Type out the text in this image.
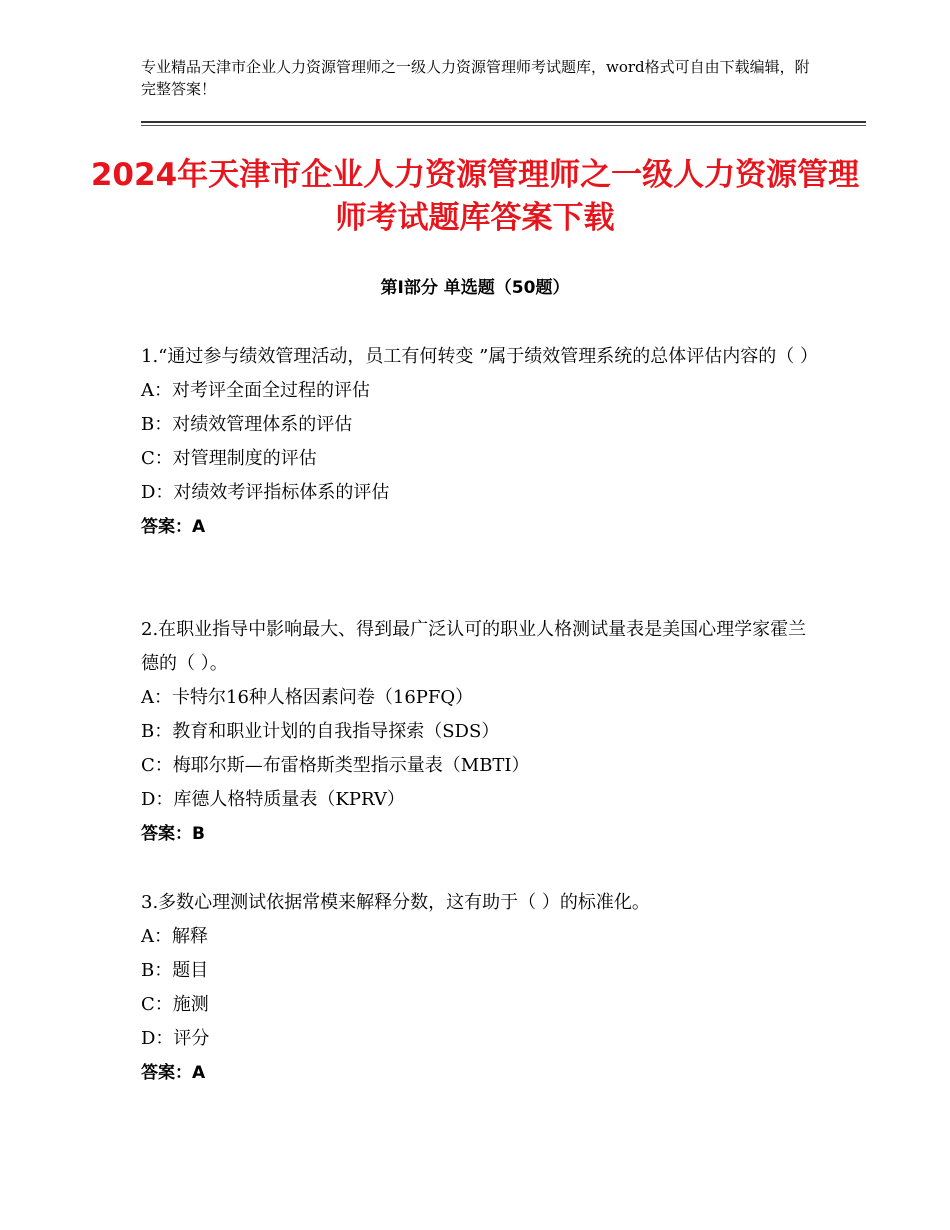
专业精品天津市企业人力资源管理师之一级人力资源管理师考试题库，word格式可自由下载编辑，附完整答案！
2024年天津市企业人力资源管理师之一级人力资源管理师考试题库答案下载
第Ⅰ部分 单选题（50题）
1.“通过参与绩效管理活动，员工有何转变 ”属于绩效管理系统的总体评估内容的（ ）
A：对考评全面全过程的评估
B：对绩效管理体系的评估
C：对管理制度的评估
D：对绩效考评指标体系的评估
答案：A
2.在职业指导中影响最大、得到最广泛认可的职业人格测试量表是美国心理学家霍兰德的（ ）。
A：卡特尔16种人格因素问卷（16PFQ）
B：教育和职业计划的自我指导探索（SDS）
C：梅耶尔斯—布雷格斯类型指示量表（MBTI）
D：库德人格特质量表（KPRV）
答案：B
3.多数心理测试依据常模来解释分数，这有助于（ ）的标准化。
A：解释
B：题目
C：施测
D：评分
答案：A
